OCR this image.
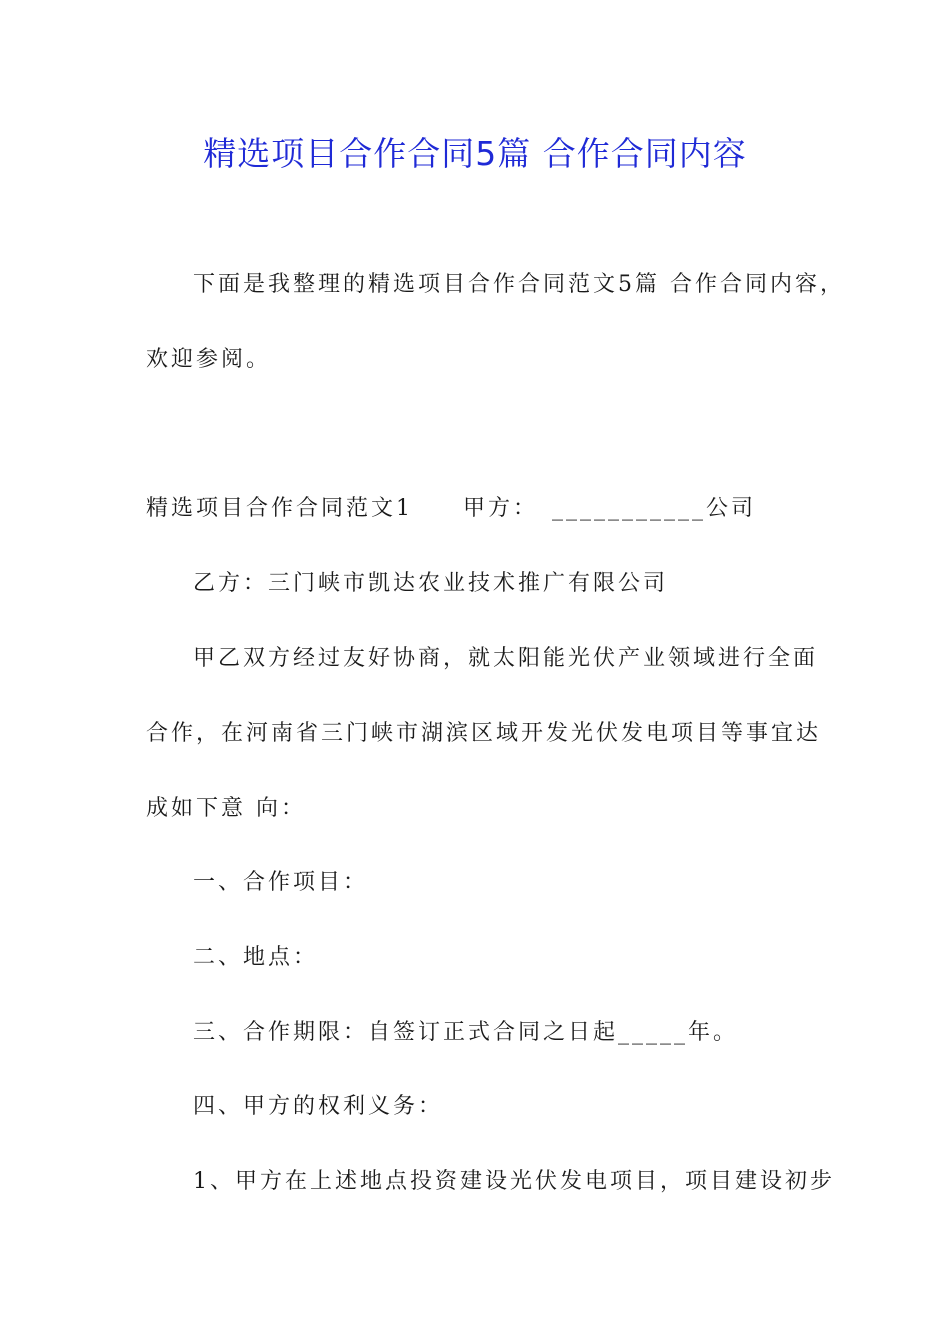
精选项目合作合同5篇 合作合同内容
下面是我整理的精选项目合作合同范文5篇 合作合同内容，
欢迎参阅。
精选项目合作合同范文1　　甲方：　___________公司
乙方：三门峡市凯达农业技术推广有限公司
甲乙双方经过友好协商，就太阳能光伏产业领域进行全面
合作，在河南省三门峡市湖滨区域开发光伏发电项目等事宜达
成如下意 向：
一、合作项目：
二、地点：
三、合作期限：自签订正式合同之日起_____年。
四、甲方的权利义务：
1、甲方在上述地点投资建设光伏发电项目，项目建设初步
